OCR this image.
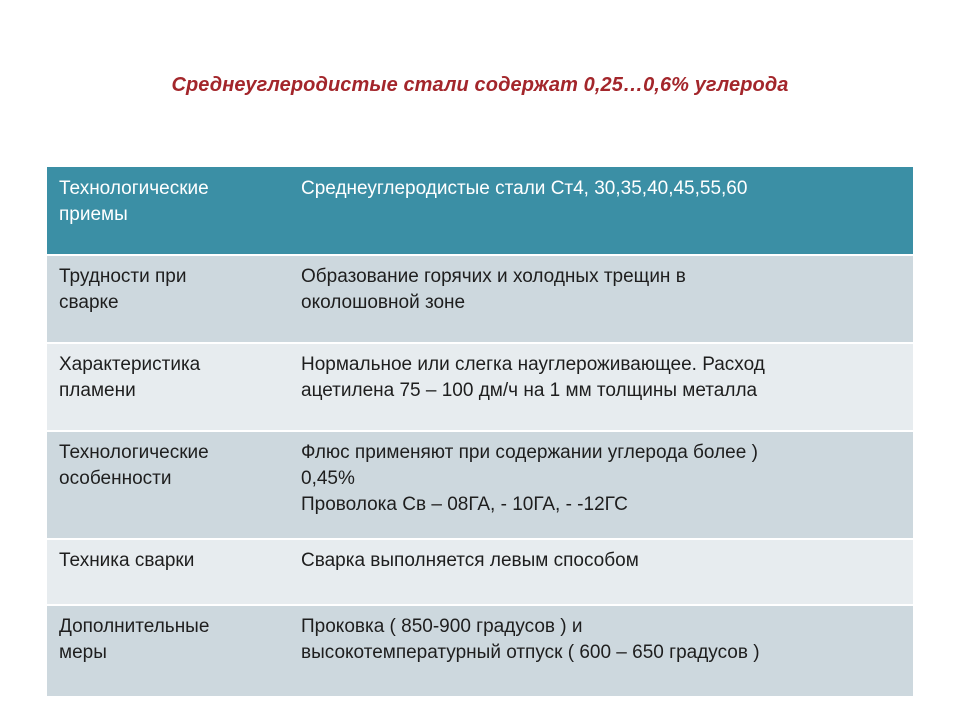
Среднеуглеродистые стали содержат 0,25…0,6% углерода
Технологические
приемы
Среднеуглеродистые стали Ст4, 30,35,40,45,55,60
Трудности при
сварке
Образование горячих и холодных трещин в
околошовной зоне
Характеристика
пламени
Нормальное или слегка науглероживающее. Расход
ацетилена 75 – 100 дм/ч на 1 мм толщины металла
Технологические
особенности
Флюс применяют при содержании углерода более )
0,45%
Проволока Св – 08ГА, - 10ГА, - -12ГС
Техника сварки	Сварка выполняется левым способом
Дополнительные
меры
Проковка ( 850-900 градусов ) и
высокотемпературный отпуск ( 600 – 650 градусов )
